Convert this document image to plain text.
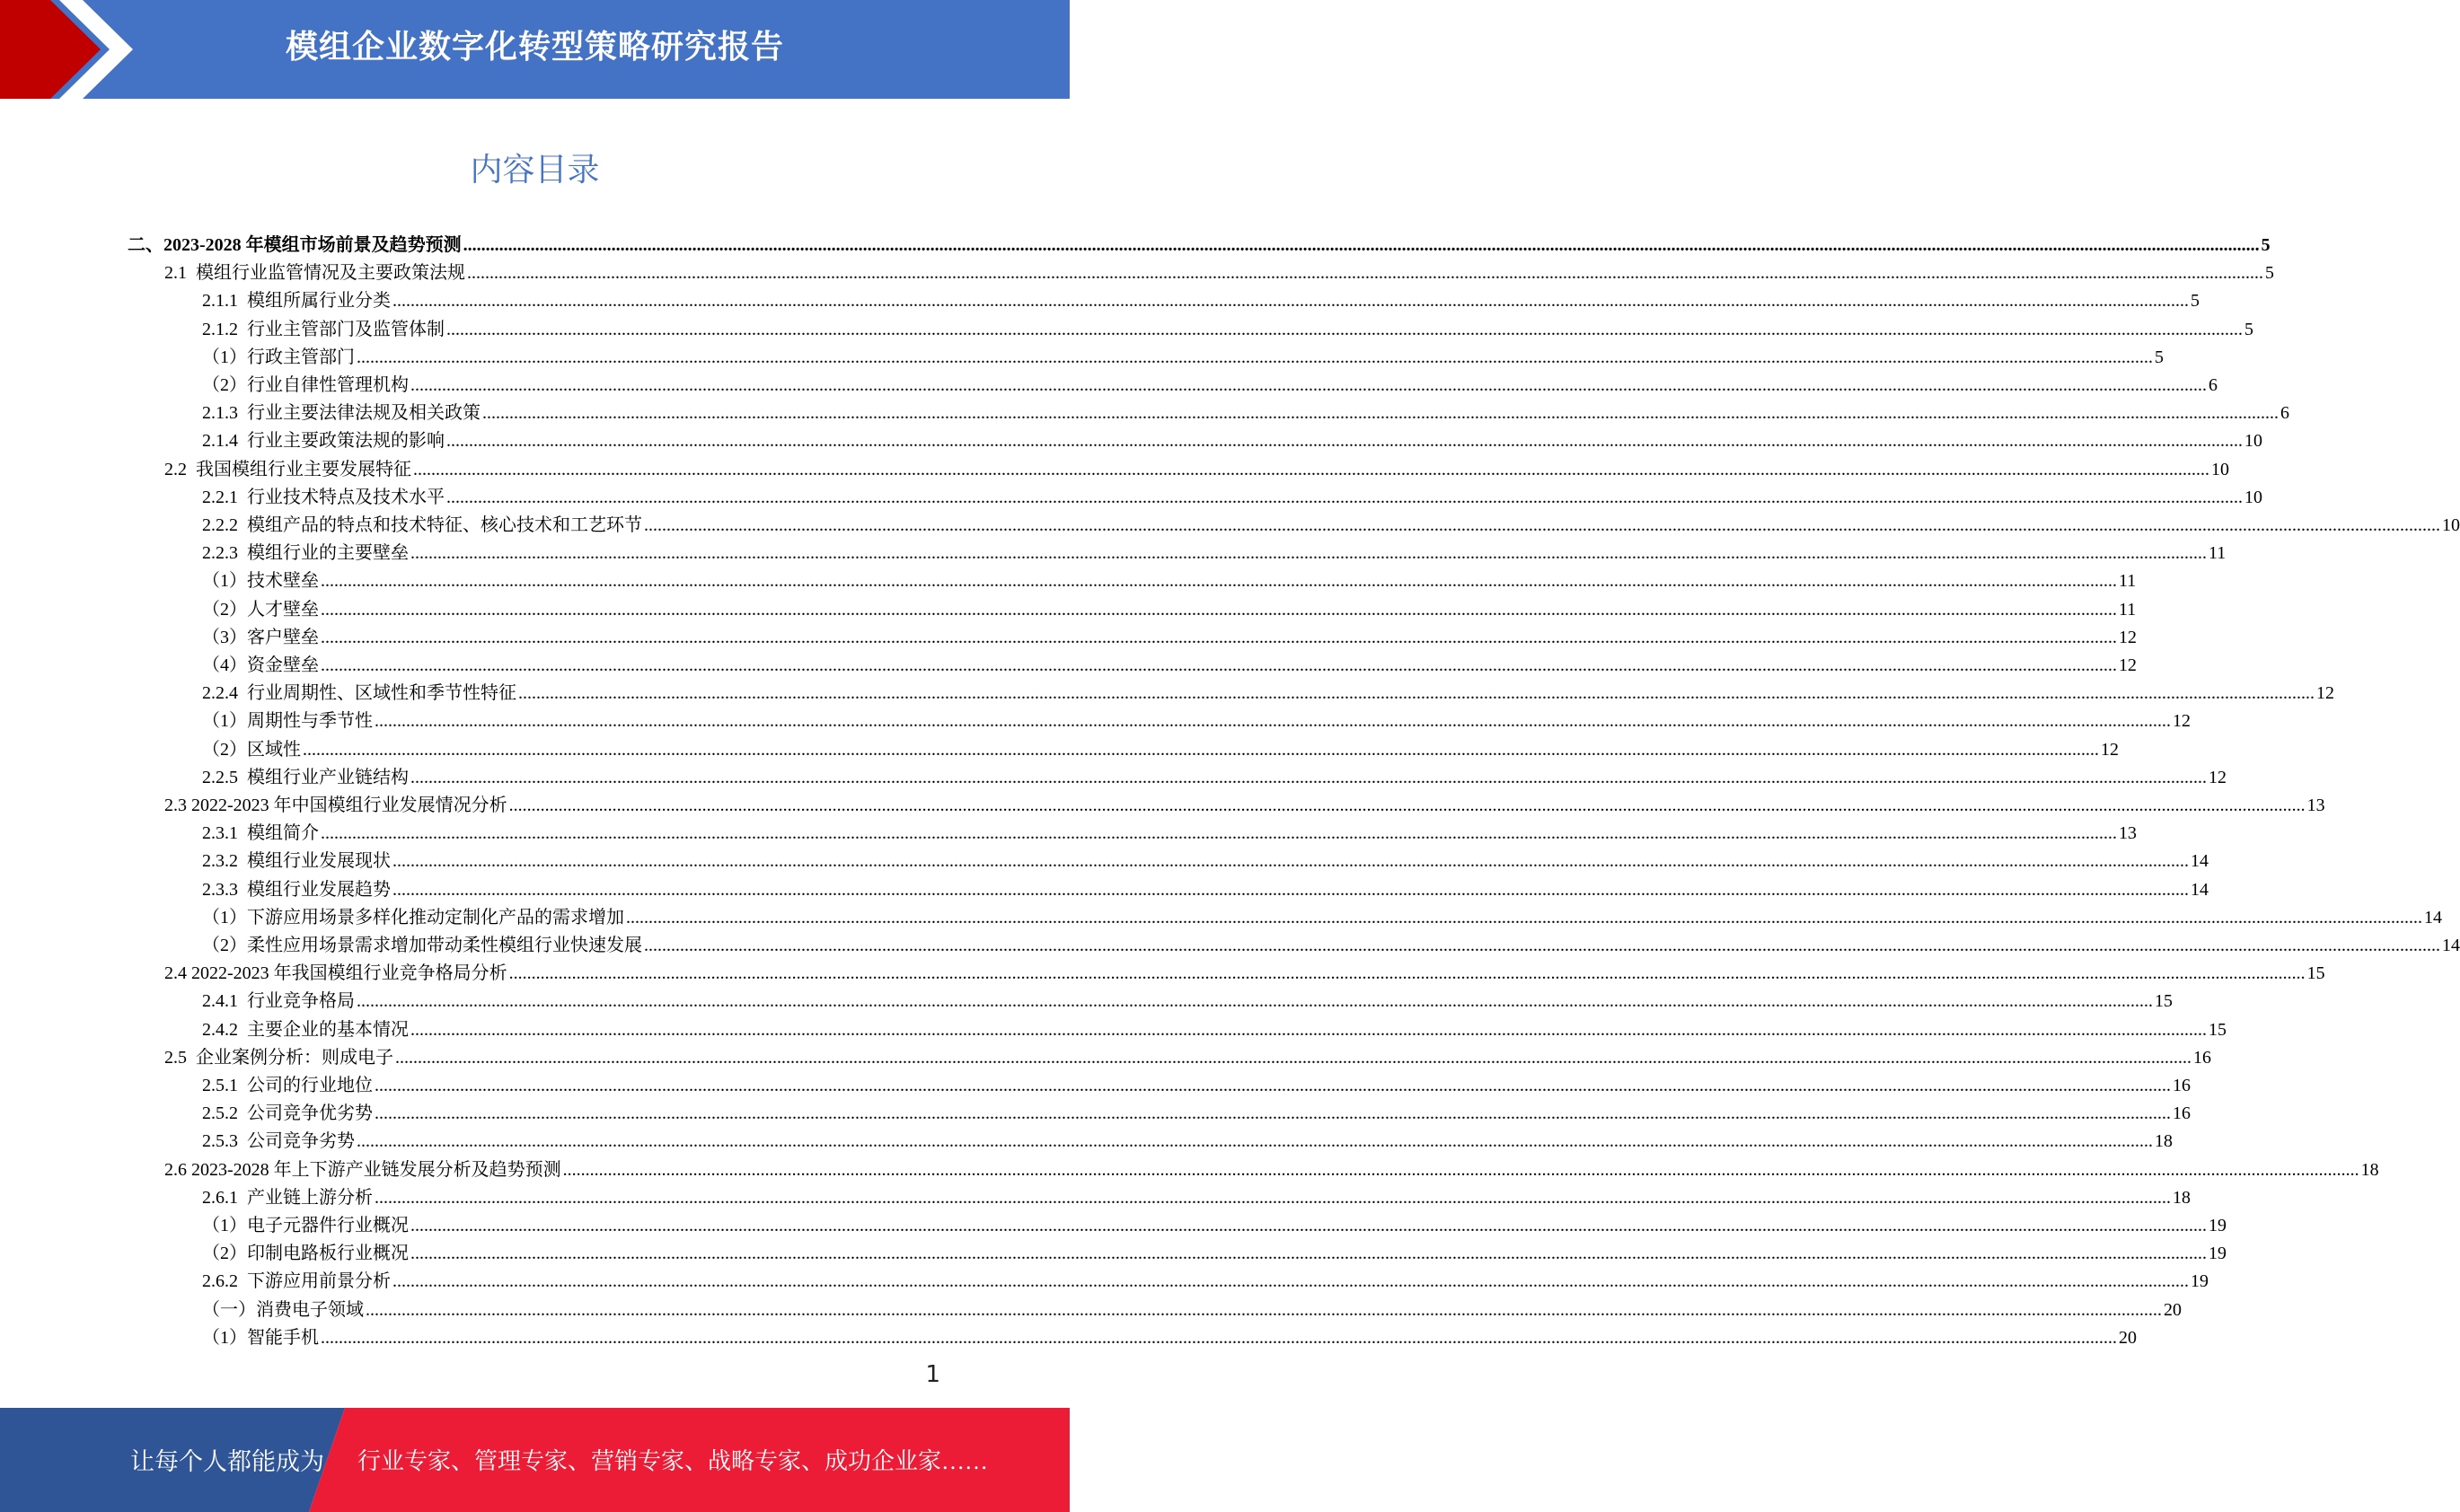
模组企业数字化转型策略研究报告
内容目录
二、2023-2028 年模组市场前景及趋势预测 ................................................................................................................................................................................................................................................................................................................................................................................................................ 5
2.1  模组行业监管情况及主要政策法规 ................................................................................................................................................................................................................................................................................................................................................................................................................ 5
2.1.1  模组所属行业分类 ................................................................................................................................................................................................................................................................................................................................................................................................................ 5
2.1.2  行业主管部门及监管体制 ................................................................................................................................................................................................................................................................................................................................................................................................................ 5
（1）行政主管部门 ................................................................................................................................................................................................................................................................................................................................................................................................................ 5
（2）行业自律性管理机构 ................................................................................................................................................................................................................................................................................................................................................................................................................ 6
2.1.3  行业主要法律法规及相关政策 ................................................................................................................................................................................................................................................................................................................................................................................................................ 6
2.1.4  行业主要政策法规的影响 ................................................................................................................................................................................................................................................................................................................................................................................................................ 10
2.2  我国模组行业主要发展特征 ................................................................................................................................................................................................................................................................................................................................................................................................................ 10
2.2.1  行业技术特点及技术水平 ................................................................................................................................................................................................................................................................................................................................................................................................................ 10
2.2.2  模组产品的特点和技术特征、核心技术和工艺环节 ................................................................................................................................................................................................................................................................................................................................................................................................................ 10
2.2.3  模组行业的主要壁垒 ................................................................................................................................................................................................................................................................................................................................................................................................................ 11
（1）技术壁垒 ................................................................................................................................................................................................................................................................................................................................................................................................................ 11
（2）人才壁垒 ................................................................................................................................................................................................................................................................................................................................................................................................................ 11
（3）客户壁垒 ................................................................................................................................................................................................................................................................................................................................................................................................................ 12
（4）资金壁垒 ................................................................................................................................................................................................................................................................................................................................................................................................................ 12
2.2.4  行业周期性、区域性和季节性特征 ................................................................................................................................................................................................................................................................................................................................................................................................................ 12
（1）周期性与季节性 ................................................................................................................................................................................................................................................................................................................................................................................................................ 12
（2）区域性 ................................................................................................................................................................................................................................................................................................................................................................................................................ 12
2.2.5  模组行业产业链结构 ................................................................................................................................................................................................................................................................................................................................................................................................................ 12
2.3 2022-2023 年中国模组行业发展情况分析 ................................................................................................................................................................................................................................................................................................................................................................................................................ 13
2.3.1  模组简介 ................................................................................................................................................................................................................................................................................................................................................................................................................ 13
2.3.2  模组行业发展现状 ................................................................................................................................................................................................................................................................................................................................................................................................................ 14
2.3.3  模组行业发展趋势 ................................................................................................................................................................................................................................................................................................................................................................................................................ 14
（1）下游应用场景多样化推动定制化产品的需求增加 ................................................................................................................................................................................................................................................................................................................................................................................................................ 14
（2）柔性应用场景需求增加带动柔性模组行业快速发展 ................................................................................................................................................................................................................................................................................................................................................................................................................ 14
2.4 2022-2023 年我国模组行业竞争格局分析 ................................................................................................................................................................................................................................................................................................................................................................................................................ 15
2.4.1  行业竞争格局 ................................................................................................................................................................................................................................................................................................................................................................................................................ 15
2.4.2  主要企业的基本情况 ................................................................................................................................................................................................................................................................................................................................................................................................................ 15
2.5  企业案例分析：则成电子 ................................................................................................................................................................................................................................................................................................................................................................................................................ 16
2.5.1  公司的行业地位 ................................................................................................................................................................................................................................................................................................................................................................................................................ 16
2.5.2  公司竞争优劣势 ................................................................................................................................................................................................................................................................................................................................................................................................................ 16
2.5.3  公司竞争劣势 ................................................................................................................................................................................................................................................................................................................................................................................................................ 18
2.6 2023-2028 年上下游产业链发展分析及趋势预测 ................................................................................................................................................................................................................................................................................................................................................................................................................ 18
2.6.1  产业链上游分析 ................................................................................................................................................................................................................................................................................................................................................................................................................ 18
（1）电子元器件行业概况 ................................................................................................................................................................................................................................................................................................................................................................................................................ 19
（2）印制电路板行业概况 ................................................................................................................................................................................................................................................................................................................................................................................................................ 19
2.6.2  下游应用前景分析 ................................................................................................................................................................................................................................................................................................................................................................................................................ 19
（一）消费电子领域 ................................................................................................................................................................................................................................................................................................................................................................................................................ 20
（1）智能手机 ................................................................................................................................................................................................................................................................................................................................................................................................................ 20
1
让每个人都能成为 行业专家、管理专家、营销专家、战略专家、成功企业家……
